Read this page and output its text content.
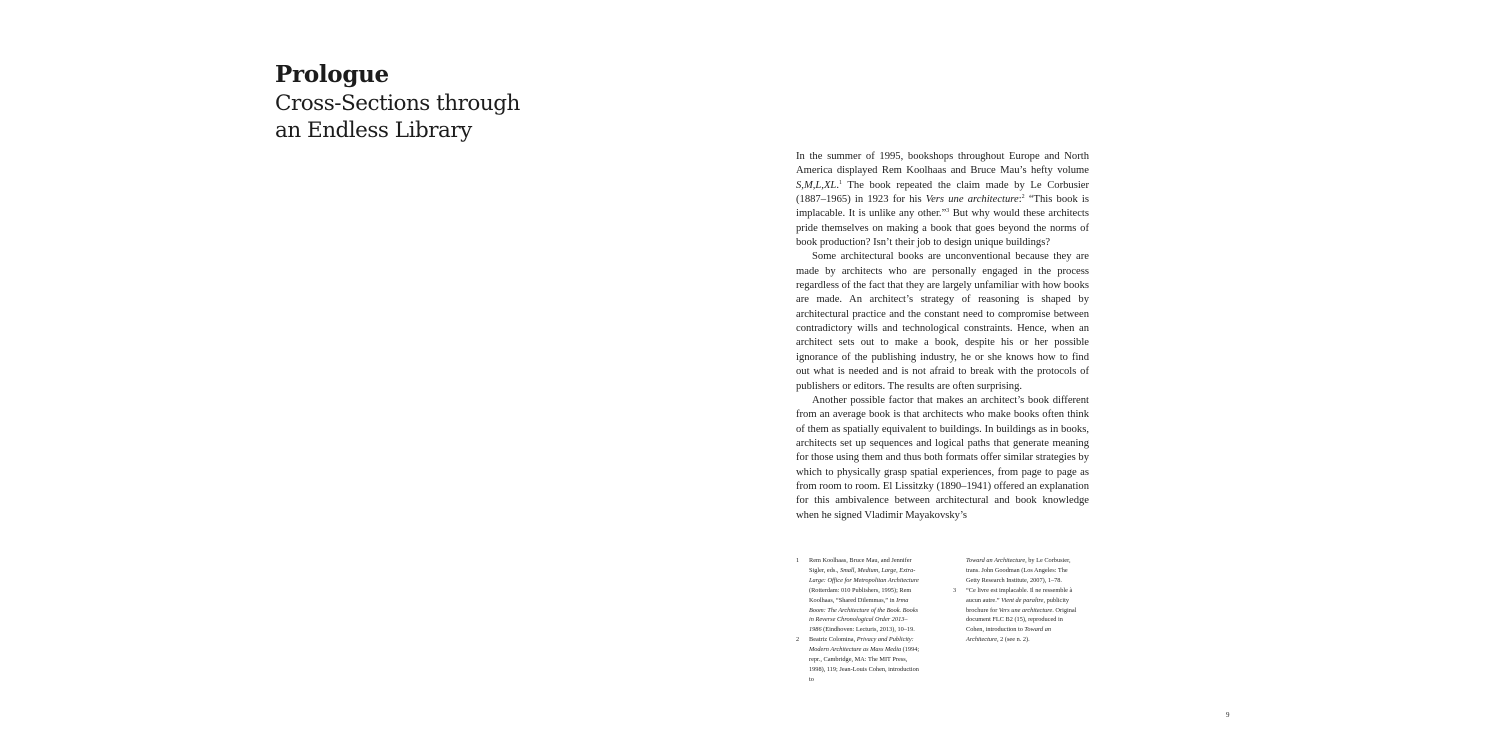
Prologue
Cross-Sections through
an Endless Library

In the summer of 1995, bookshops throughout Europe and North America displayed Rem Koolhaas and Bruce Mau’s hefty volume S,M,L,XL.$^1$ The book repeated the claim made by Le Corbusier (1887–1965) in 1923 for his Vers une architecture:$^2$ “This book is implacable. It is unlike any other.”$^3$ But why would these architects pride themselves on making a book that goes beyond the norms of book production? Isn’t their job to design unique buildings?

Some architectural books are unconventional because they are made by architects who are personally engaged in the process regardless of the fact that they are largely unfamiliar with how books are made. An architect’s strategy of reasoning is shaped by architectural practice and the constant need to compromise between contradictory wills and technological constraints. Hence, when an architect sets out to make a book, despite his or her possible ignorance of the publishing industry, he or she knows how to find out what is needed and is not afraid to break with the protocols of publishers or editors. The results are often surprising.

Another possible factor that makes an architect’s book different from an average book is that architects who make books often think of them as spatially equivalent to buildings. In buildings as in books, architects set up sequences and logical paths that generate meaning for those using them and thus both formats offer similar strategies by which to physically grasp spatial experiences, from page to page as from room to room. El Lissitzky (1890–1941) offered an explanation for this ambivalence between architectural and book knowledge when he signed Vladimir Mayakovsky’s

1 Rem Koolhaas, Bruce Mau, and Jennifer Sigler, eds., Small, Medium, Large, Extra-Large: Office for Metropolitan Architecture (Rotterdam: 010 Publishers, 1995); Rem Koolhaas, “Shared Dilemmas,” in Irma Boom: The Architecture of the Book. Books in Reverse Chronological Order 2013–1986 (Eindhoven: Lecturis, 2013), 10–19.
2 Beatriz Colomina, Privacy and Publicity: Modern Architecture as Mass Media (1994; repr., Cambridge, MA: The MIT Press, 1998), 119; Jean-Louis Cohen, introduction to
Toward an Architecture, by Le Corbusier, trans. John Goodman (Los Angeles: The Getty Research Institute, 2007), 1–78.
3 “Ce livre est implacable. Il ne ressemble à aucun autre.” Vient de paraître, publicity brochure for Vers une architecture. Original document FLC B2 (15), reproduced in Cohen, introduction to Toward an Architecture, 2 (see n. 2).
9
